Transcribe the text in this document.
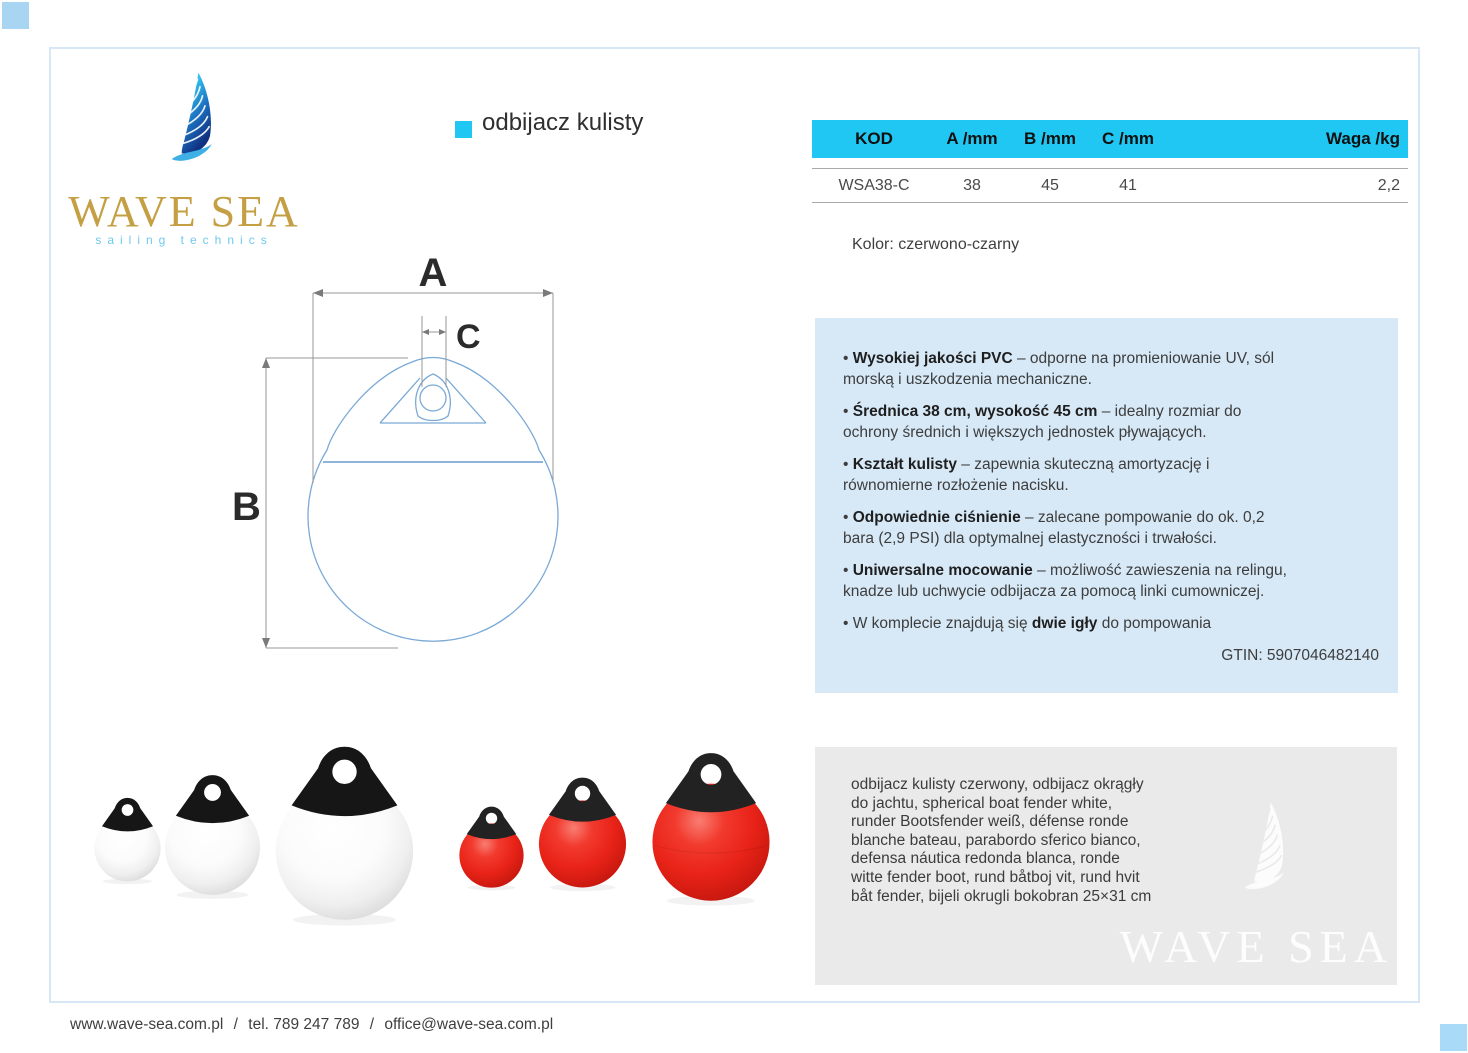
WAVE SEA
sailing technics
odbijacz kulisty
KOD	A /mm	B /mm	C /mm	Waga /kg
WSA38-C	38	45	41	2,2
Kolor: czerwono-czarny
A
B
C

• Wysokiej jakości PVC – odporne na promieniowanie UV, sól morską i uszkodzenia mechaniczne.

• Średnica 38 cm, wysokość 45 cm – idealny rozmiar do ochrony średnich i większych jednostek pływających.

• Kształt kulisty – zapewnia skuteczną amortyzację i równomierne rozłożenie nacisku.

• Odpowiednie ciśnienie – zalecane pompowanie do ok. 0,2 bara (2,9 PSI) dla optymalnej elastyczności i trwałości.

• Uniwersalne mocowanie – możliwość zawieszenia na relingu, knadze lub uchwycie odbijacza za pomocą linki cumowniczej.

• W komplecie znajdują się dwie igły do pompowania

GTIN: 5907046482140
odbijacz kulisty czerwony, odbijacz okrągły do jachtu, spherical boat fender white, runder Bootsfender weiß, défense ronde blanche bateau, parabordo sferico bianco, defensa náutica redonda blanca, ronde witte fender boot, rund båtboj vit, rund hvit båt fender, bijeli okrugli bokobran 25×31 cm
WAVE SEA
www.wave-sea.com.pl / tel. 789 247 789 / office@wave-sea.com.pl
